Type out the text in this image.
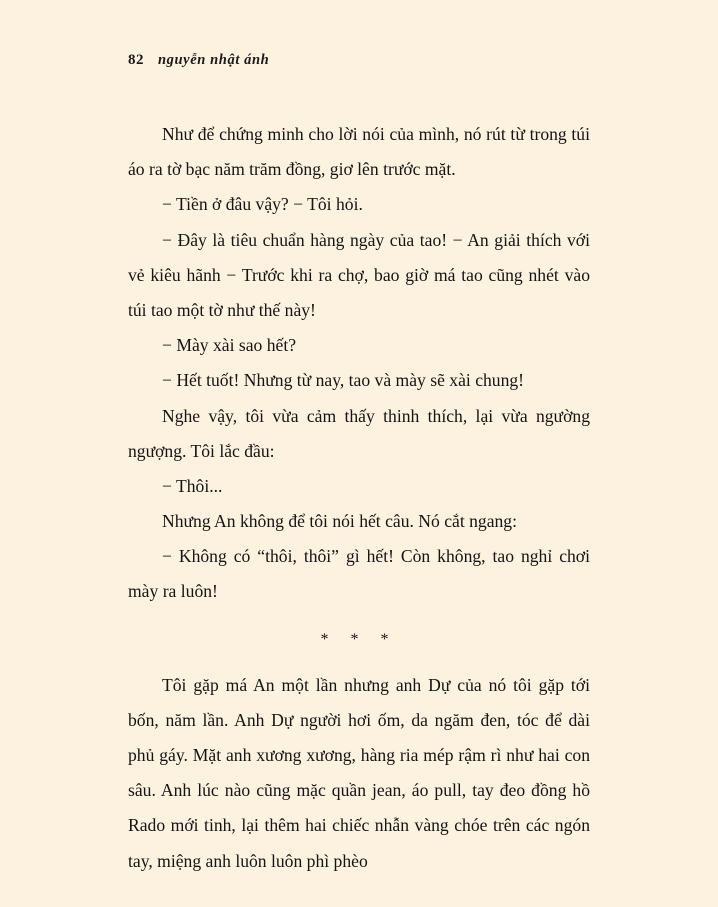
82 nguyễn nhật ánh

Như để chứng minh cho lời nói của mình, nó rút từ trong túi áo ra tờ bạc năm trăm đồng, giơ lên trước mặt.

− Tiền ở đâu vậy? − Tôi hỏi.

− Đây là tiêu chuẩn hàng ngày của tao! − An giải thích với vẻ kiêu hãnh − Trước khi ra chợ, bao giờ má tao cũng nhét vào túi tao một tờ như thế này!

− Mày xài sao hết?

− Hết tuốt! Nhưng từ nay, tao và mày sẽ xài chung!

Nghe vậy, tôi vừa cảm thấy thinh thích, lại vừa ngường ngượng. Tôi lắc đầu:

− Thôi...

Nhưng An không để tôi nói hết câu. Nó cắt ngang:

− Không có “thôi, thôi” gì hết! Còn không, tao nghỉ chơi mày ra luôn!

* * *

Tôi gặp má An một lần nhưng anh Dự của nó tôi gặp tới bốn, năm lần. Anh Dự người hơi ốm, da ngăm đen, tóc để dài phủ gáy. Mặt anh xương xương, hàng ria mép rậm rì như hai con sâu. Anh lúc nào cũng mặc quần jean, áo pull, tay đeo đồng hồ Rado mới tinh, lại thêm hai chiếc nhẫn vàng chóe trên các ngón tay, miệng anh luôn luôn phì phèo
